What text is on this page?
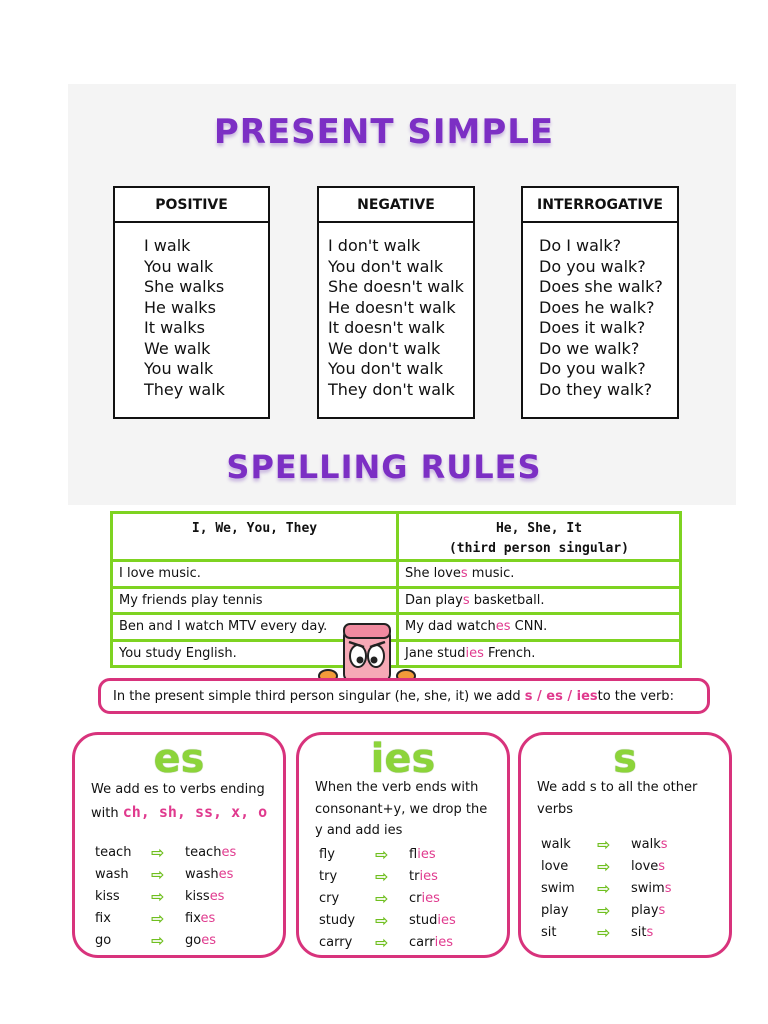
PRESENT SIMPLE
POSITIVE
I walk
You walk
She walks
He walks
It walks
We walk
You walk
They walk
NEGATIVE
I don't walk
You don't walk
She doesn't walk
He doesn't walk
It doesn't walk
We don't walk
You don't walk
They don't walk
INTERROGATIVE
Do I walk?
Do you walk?
Does she walk?
Does he walk?
Does it walk?
Do we walk?
Do you walk?
Do they walk?
SPELLING RULES
I, We, You, They	He, She, It
(third person singular)

I love music.	She loves music.
My friends play tennis	Dan plays basketball.
Ben and I watch MTV every day.	My dad watches CNN.
You study English.	Jane studies French.
In the present simple third person singular (he, she, it) we add
s / es / ies to the verb:
es
We add es to verbs ending with ch, sh, ss, x, o
teach	⇨	teaches
wash	⇨	washes
kiss	⇨	kisses
fix	⇨	fixes
go	⇨	goes
ies
When the verb ends with consonant+y, we drop the y and add ies
fly	⇨	flies
try	⇨	tries
cry	⇨	cries
study	⇨	studies
carry	⇨	carries
s
We add s to all the other verbs
walk	⇨	walks
love	⇨	loves
swim	⇨	swims
play	⇨	plays
sit	⇨	sits
